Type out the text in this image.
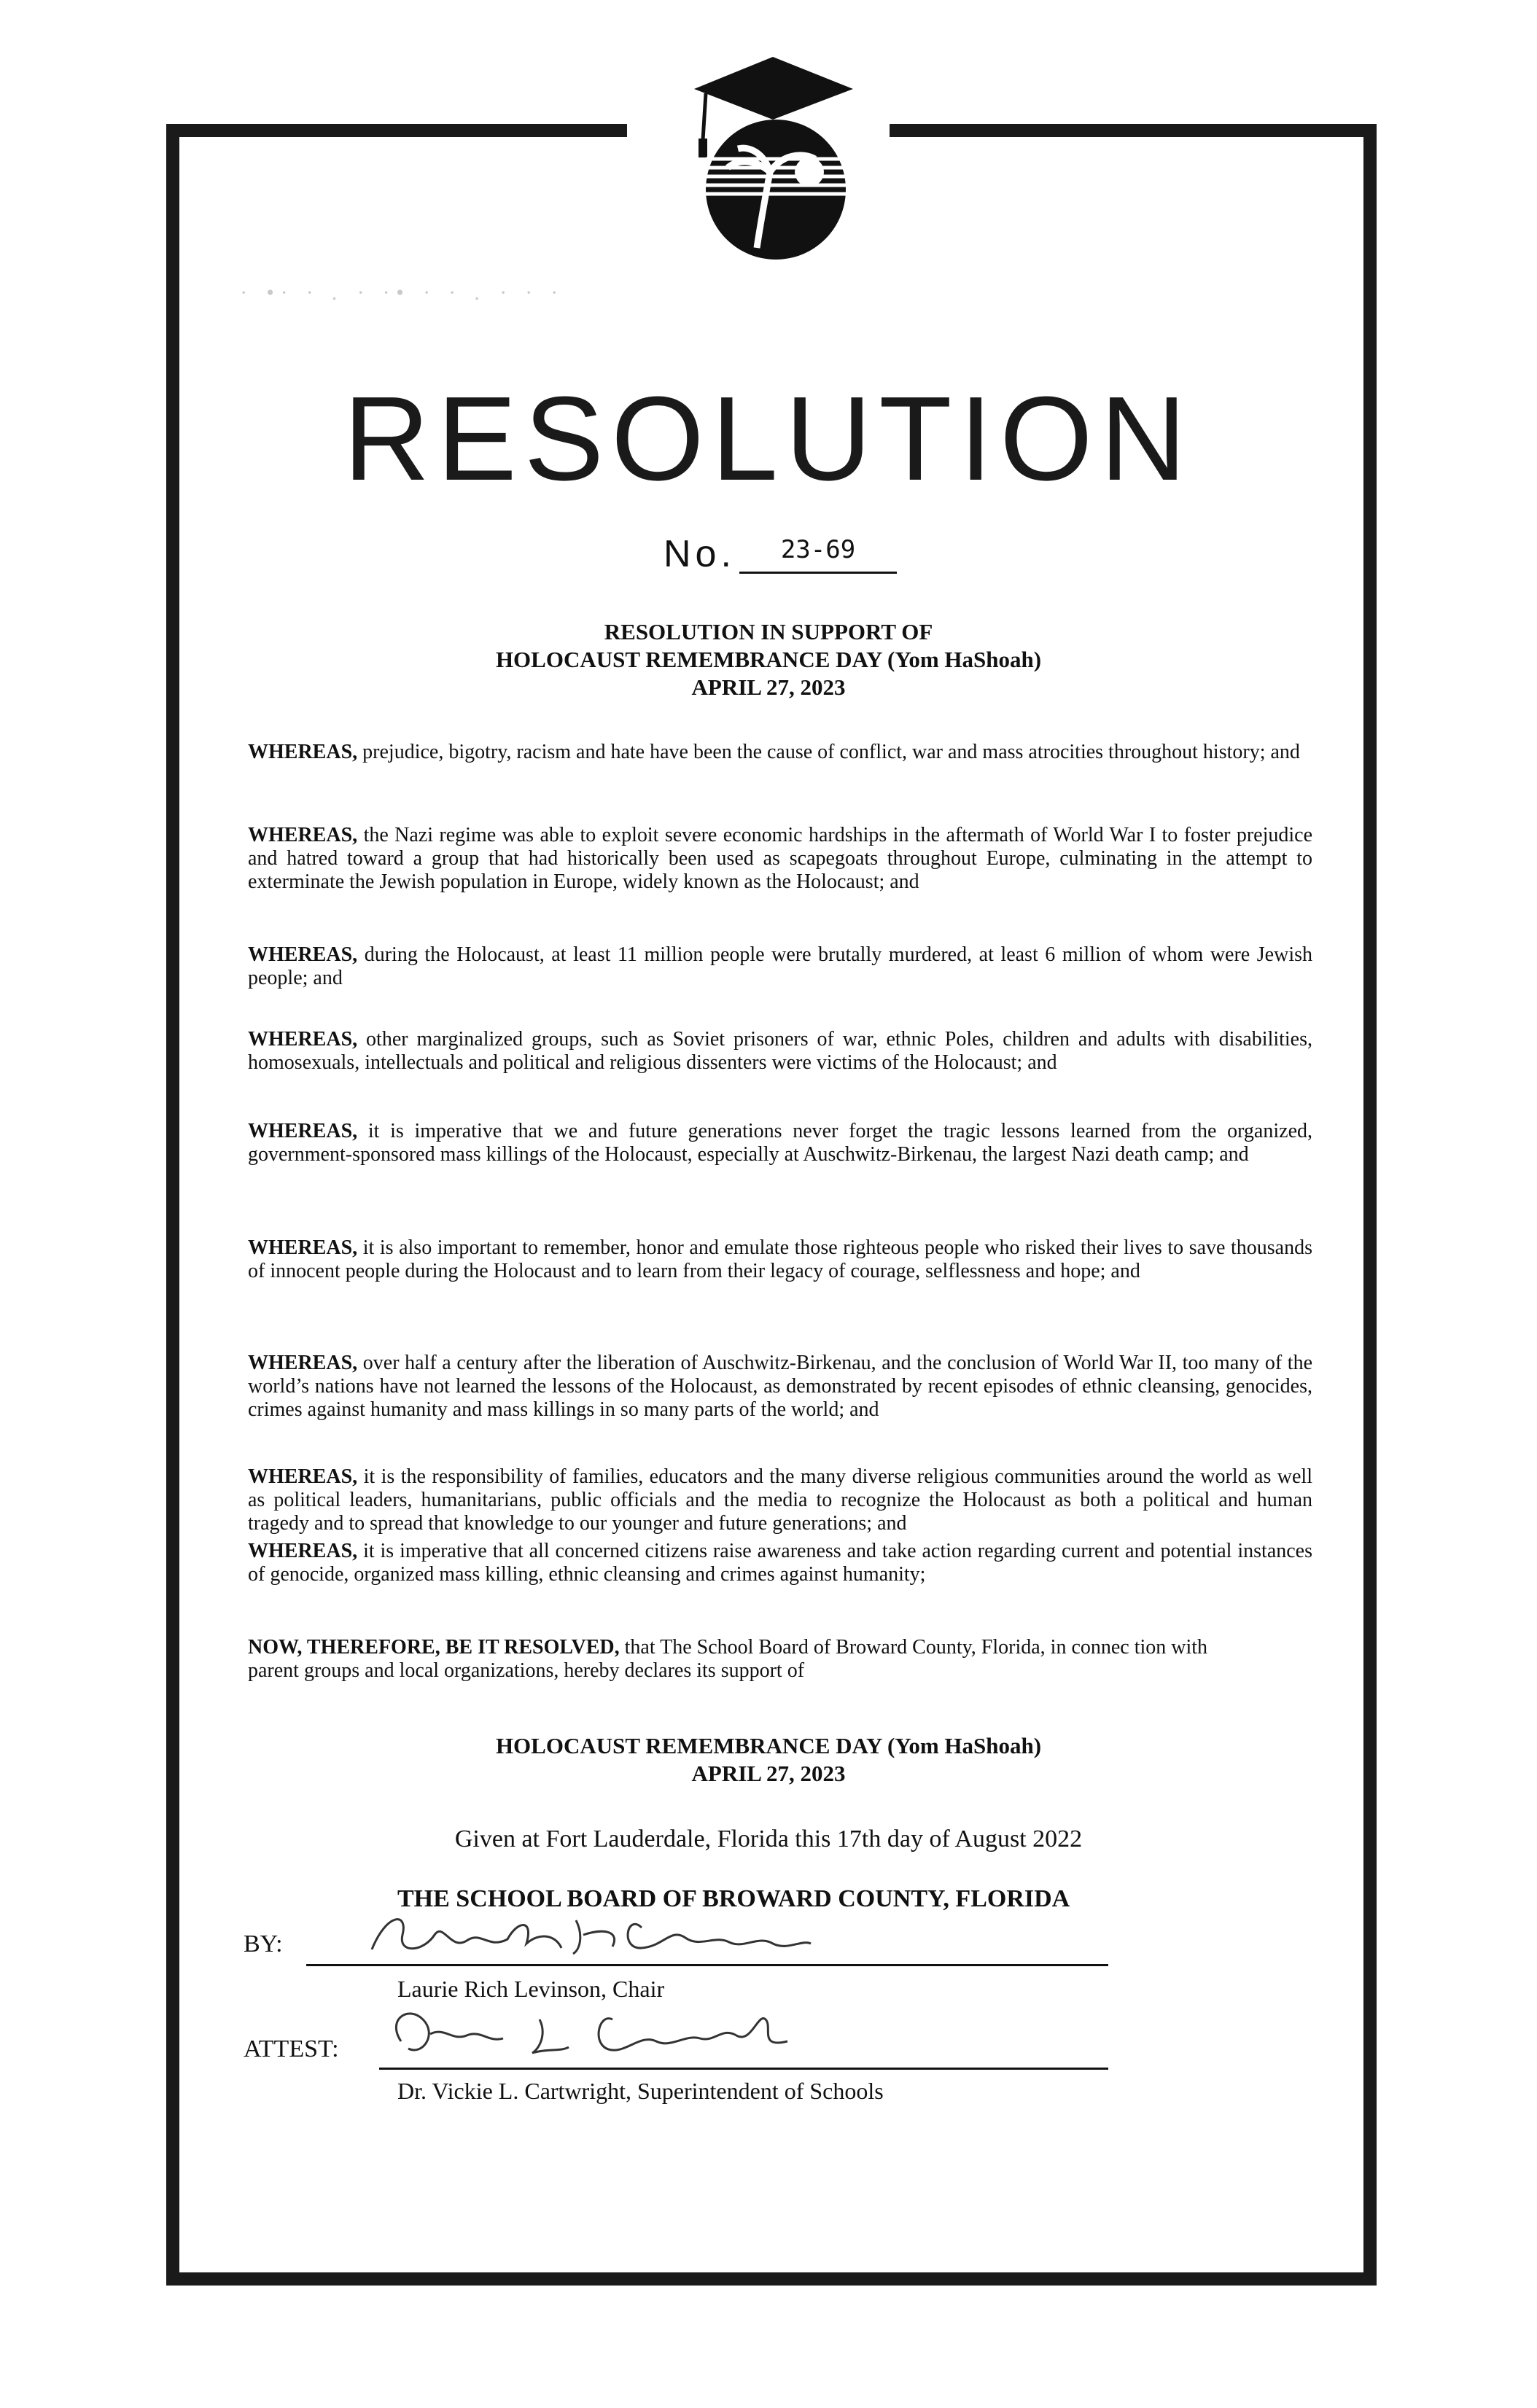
∙ •∙ ∙ . ∙ ∙• ∙ ∙ . ∙ ∙ ∙
RESOLUTION
No.	23-69
RESOLUTION IN SUPPORT OF
HOLOCAUST REMEMBRANCE DAY (Yom HaShoah)
APRIL 27, 2023

WHEREAS, prejudice, bigotry, racism and hate have been the cause of conflict, war and mass atrocities throughout history; and

WHEREAS, the Nazi regime was able to exploit severe economic hardships in the aftermath of World War I to foster prejudice and hatred toward a group that had historically been used as scapegoats throughout Europe, culminating in the attempt to exterminate the Jewish population in Europe, widely known as the Holocaust; and

WHEREAS, during the Holocaust, at least 11 million people were brutally murdered, at least 6 million of whom were Jewish people; and

WHEREAS, other marginalized groups, such as Soviet prisoners of war, ethnic Poles, children and adults with disabilities, homosexuals, intellectuals and political and religious dissenters were victims of the Holocaust; and

WHEREAS, it is imperative that we and future generations never forget the tragic lessons learned from the organized, government-sponsored mass killings of the Holocaust, especially at Auschwitz-Birkenau, the largest Nazi death camp; and

WHEREAS, it is also important to remember, honor and emulate those righteous people who risked their lives to save thousands of innocent people during the Holocaust and to learn from their legacy of courage, selflessness and hope; and

WHEREAS, over half a century after the liberation of Auschwitz-Birkenau, and the conclusion of World War II, too many of the world’s nations have not learned the lessons of the Holocaust, as demonstrated by recent episodes of ethnic cleansing, genocides, crimes against humanity and mass killings in so many parts of the world; and

WHEREAS, it is the responsibility of families, educators and the many diverse religious communities around the world as well as political leaders, humanitarians, public officials and the media to recognize the Holocaust as both a political and human tragedy and to spread that knowledge to our younger and future generations; and

WHEREAS, it is imperative that all concerned citizens raise awareness and take action regarding current and potential instances of genocide, organized mass killing, ethnic cleansing and crimes against humanity;

NOW, THEREFORE, BE IT RESOLVED, that The School Board of Broward County, Florida, in connec tion with parent groups and local organizations, hereby declares its support of

HOLOCAUST REMEMBRANCE DAY (Yom HaShoah)
APRIL 27, 2023
Given at Fort Lauderdale, Florida this 17th day of August 2022
THE SCHOOL BOARD OF BROWARD COUNTY, FLORIDA
BY:	Laurie Rich Levinson
Laurie Rich Levinson, Chair
ATTEST:	Vickie L. Cartwright
Dr. Vickie L. Cartwright, Superintendent of Schools
